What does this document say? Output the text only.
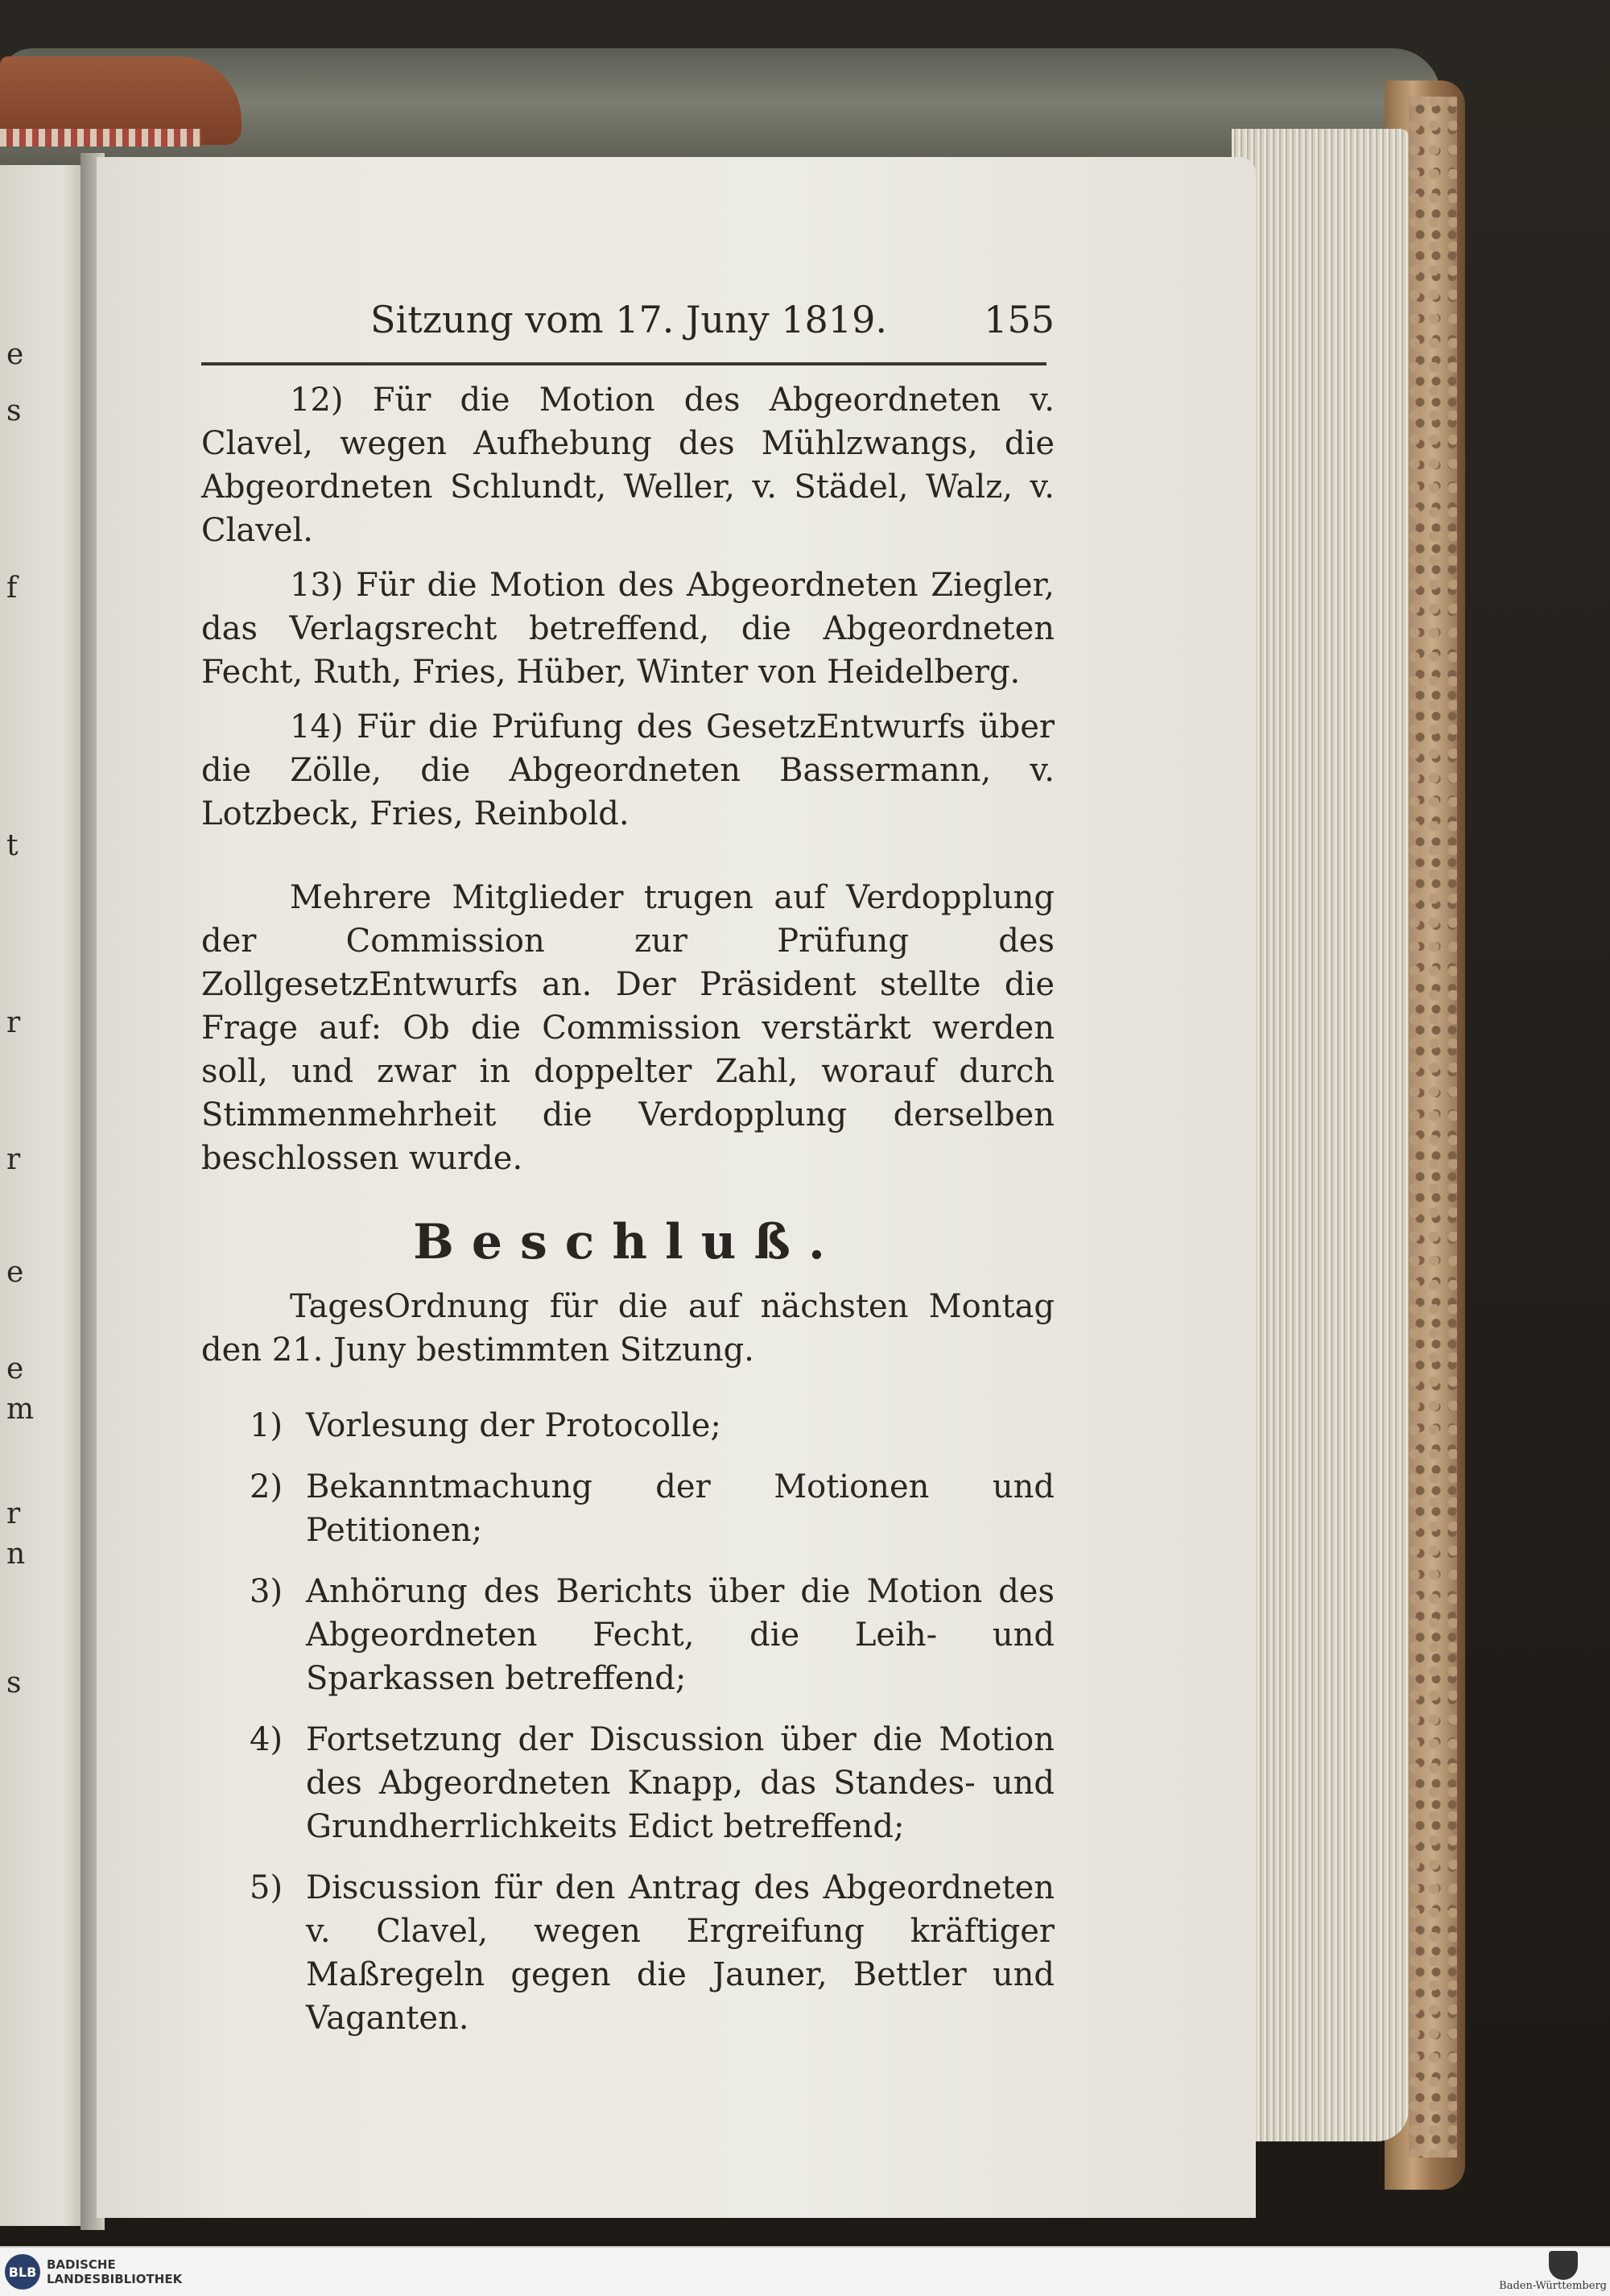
e
s
f
t
r
r
e
e
m
r
n
s
Sitzung vom 17. Juny 1819.	155

12) Für die Motion des Abgeordneten v. Clavel, wegen Aufhebung des Mühlzwangs, die Abgeordneten Schlundt, Weller, v. Städel, Walz, v. Clavel.

13) Für die Motion des Abgeordneten Ziegler, das Verlagsrecht betreffend, die Abgeordneten Fecht, Ruth, Fries, Hüber, Winter von Heidelberg.

14) Für die Prüfung des GesetzEntwurfs über die Zölle, die Abgeordneten Bassermann, v. Lotzbeck, Fries, Reinbold.

Mehrere Mitglieder trugen auf Verdopplung der Commission zur Prüfung des ZollgesetzEntwurfs an. Der Präsident stellte die Frage auf: Ob die Commission verstärkt werden soll, und zwar in doppelter Zahl, worauf durch Stimmenmehrheit die Verdopplung derselben beschlossen wurde.

Beschluß.

TagesOrdnung für die auf nächsten Montag den 21. Juny bestimmten Sitzung.

1) Vorlesung der Protocolle;
2) Bekanntmachung der Motionen und Petitionen;
3) Anhörung des Berichts über die Motion des Abgeordneten Fecht, die Leih- und Sparkassen betreffend;
4) Fortsetzung der Discussion über die Motion des Abgeordneten Knapp, das Standes- und Grundherrlichkeits Edict betreffend;
5) Discussion für den Antrag des Abgeordneten v. Clavel, wegen Ergreifung kräftiger Maßregeln gegen die Jauner, Bettler und Vaganten.
BLB BADISCHE
LANDESBIBLIOTHEK	Baden-Württemberg
